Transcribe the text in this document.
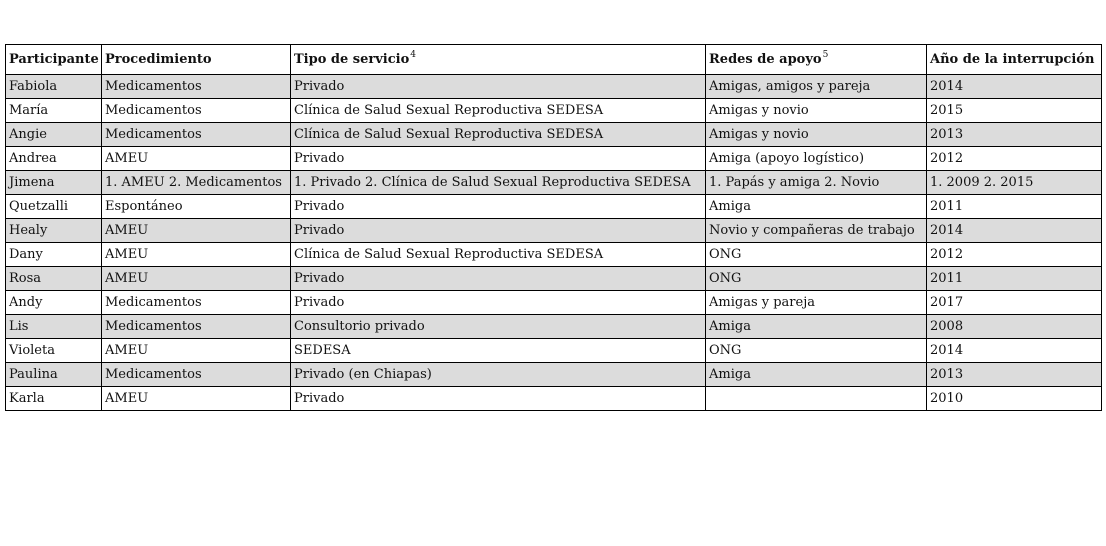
Participante	Procedimiento	Tipo de servicio$^4$	Redes de apoyo$^5$	Año de la interrupción
Fabiola	Medicamentos	Privado	Amigas, amigos y pareja	2014
María	Medicamentos	Clínica de Salud Sexual Reproductiva SEDESA	Amigas y novio	2015
Angie	Medicamentos	Clínica de Salud Sexual Reproductiva SEDESA	Amigas y novio	2013
Andrea	AMEU	Privado	Amiga (apoyo logístico)	2012
Jimena	1. AMEU 2. Medicamentos	1. Privado 2. Clínica de Salud Sexual Reproductiva SEDESA	1. Papás y amiga 2. Novio	1. 2009 2. 2015
Quetzalli	Espontáneo	Privado	Amiga	2011
Healy	AMEU	Privado	Novio y compañeras de trabajo	2014
Dany	AMEU	Clínica de Salud Sexual Reproductiva SEDESA	ONG	2012
Rosa	AMEU	Privado	ONG	2011
Andy	Medicamentos	Privado	Amigas y pareja	2017
Lis	Medicamentos	Consultorio privado	Amiga	2008
Violeta	AMEU	SEDESA	ONG	2014
Paulina	Medicamentos	Privado (en Chiapas)	Amiga	2013
Karla	AMEU	Privado		2010
